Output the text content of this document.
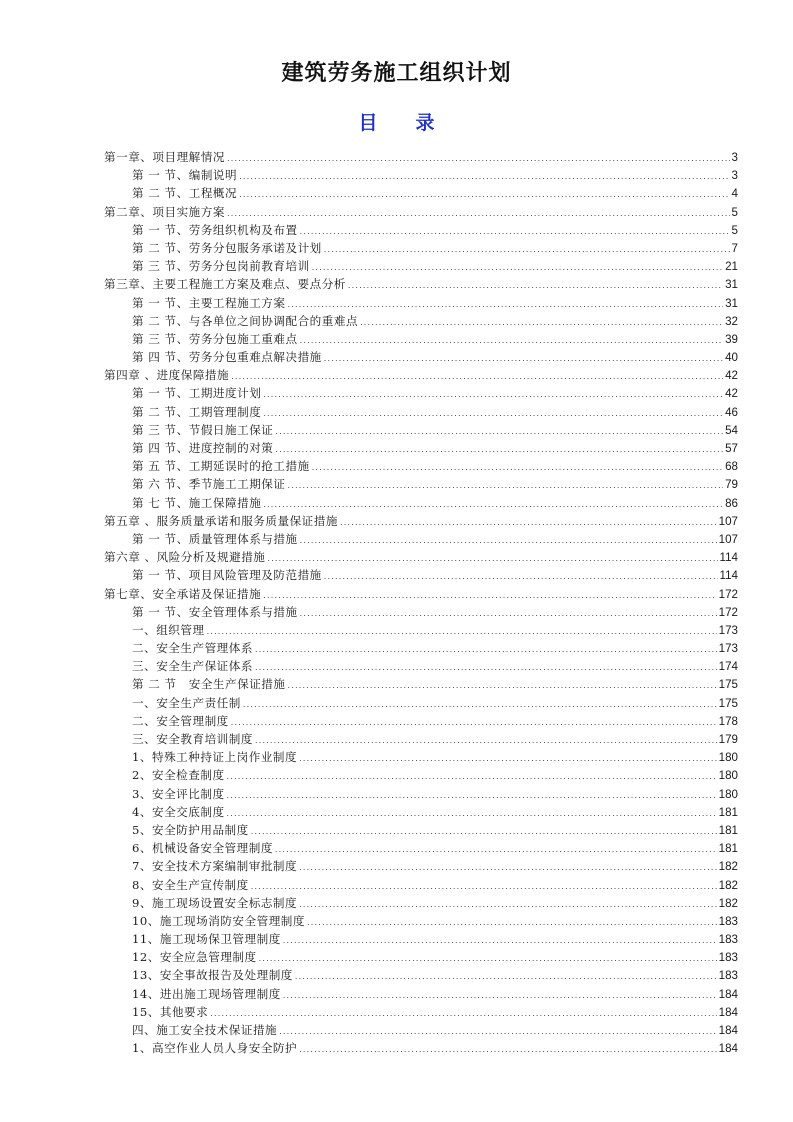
建筑劳务施工组织计划
目录
第一章、项目理解情况 .....	3
第 一 节、编制说明 .....	3
第 二 节、工程概况 .....	4
第二章、项目实施方案 .....	5
第 一 节、劳务组织机构及布置 .....	5
第 二 节、劳务分包服务承诺及计划 .....	7
第 三 节、劳务分包岗前教育培训 .....	21
第三章、主要工程施工方案及难点、要点分析 .....	31
第 一 节、主要工程施工方案 .....	31
第 二 节、与各单位之间协调配合的重难点 .....	32
第 三 节、劳务分包施工重难点 .....	39
第 四 节、劳务分包重难点解决措施 .....	40
第四章 、进度保障措施 .....	42
第 一 节、工期进度计划 .....	42
第 二 节、工期管理制度 .....	46
第 三 节、节假日施工保证 .....	54
第 四 节、进度控制的对策 .....	57
第 五 节、工期延误时的抢工措施 .....	68
第 六 节、季节施工工期保证 .....	79
第 七 节、施工保障措施 .....	86
第五章 、服务质量承诺和服务质量保证措施 .....	107
第 一 节、质量管理体系与措施 .....	107
第六章 、风险分析及规避措施 .....	114
第 一 节、项目风险管理及防范措施 .....	114
第七章、安全承诺及保证措施 .....	172
第 一 节、安全管理体系与措施 .....	172
一、组织管理 .....	173
二、安全生产管理体系 .....	173
三、安全生产保证体系 .....	174
第 二 节　安全生产保证措施 .....	175
一、安全生产责任制 .....	175
二、安全管理制度 .....	178
三、安全教育培训制度 .....	179
1、特殊工种持证上岗作业制度 .....	180
2、安全检查制度 .....	180
3、安全评比制度 .....	180
4、安全交底制度 .....	181
5、安全防护用品制度 .....	181
6、机械设备安全管理制度 .....	181
7、安全技术方案编制审批制度 .....	182
8、安全生产宣传制度 .....	182
9、施工现场设置安全标志制度 .....	182
10、施工现场消防安全管理制度 .....	183
11、施工现场保卫管理制度 .....	183
12、安全应急管理制度 .....	183
13、安全事故报告及处理制度 .....	183
14、进出施工现场管理制度 .....	184
15、其他要求 .....	184
四、施工安全技术保证措施 .....	184
1、高空作业人员人身安全防护 .....	184
